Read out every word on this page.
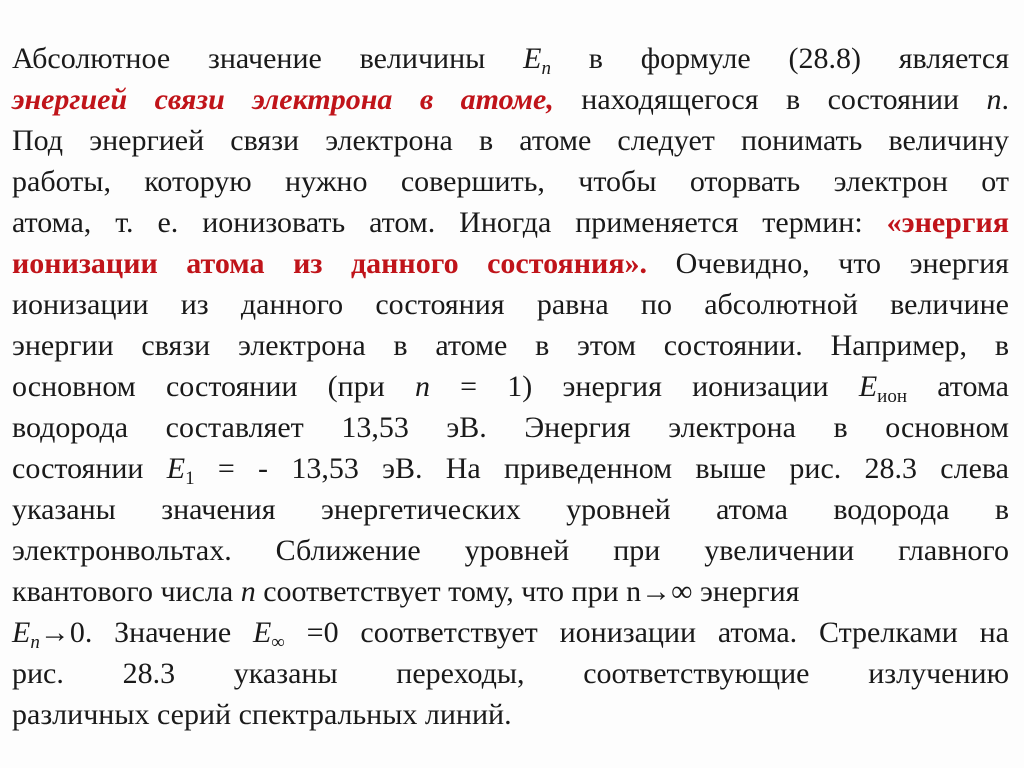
Абсолютное значение величины $E_n$ в формуле (28.8) является
энергией связи электрона в атоме, находящегося в состоянии n.
Под энергией связи электрона в атоме следует понимать величину
работы, которую нужно совершить, чтобы оторвать электрон от
атома, т. е. ионизовать атом. Иногда применяется термин: «энергия
ионизации атома из данного состояния». Очевидно, что энергия
ионизации из данного состояния равна по абсолютной величине
энергии связи электрона в атоме в этом состоянии. Например, в
основном состоянии (при n = 1) энергия ионизации $E_{ион}$ атома
водорода составляет 13,53 эВ. Энергия электрона в основном
состоянии $E_1$ = - 13,53 эВ. На приведенном выше рис. 28.3 слева
указаны значения энергетических уровней атома водорода в
электронвольтах. Сближение уровней при увеличении главного
квантового числа n соответствует тому, что при n→∞ энергия
$E_n\to 0$. Значение $E_\infty =0$ соответствует ионизации атома. Стрелками на
рис. 28.3 указаны переходы, соответствующие излучению
различных серий спектральных линий.
